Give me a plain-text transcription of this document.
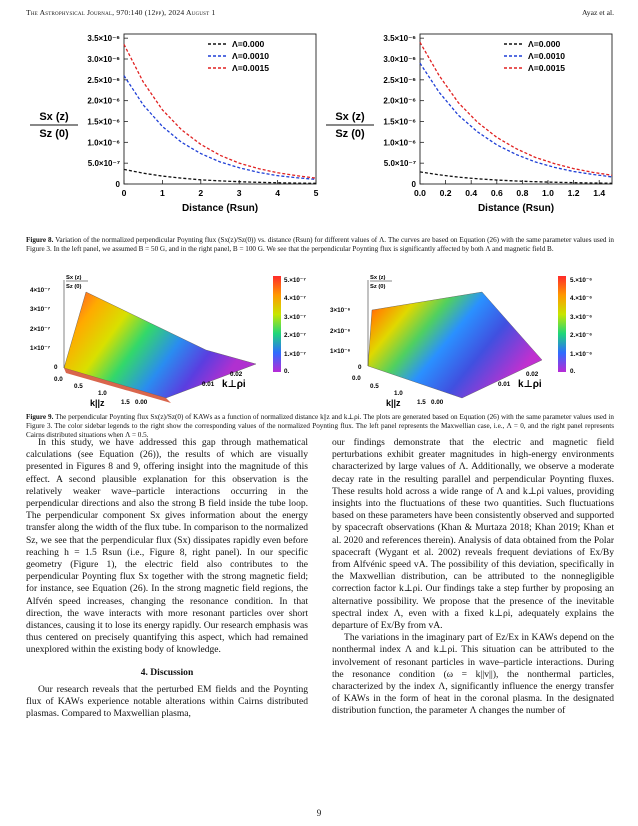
The Astrophysical Journal, 970:140 (12pp), 2024 August 1	Ayaz et al.
0
5.0×10⁻⁷
1.0×10⁻⁶
1.5×10⁻⁶
2.0×10⁻⁶
2.5×10⁻⁶
3.0×10⁻⁶
3.5×10⁻⁶
0	1	2	3	4	5
Λ=0.000
Λ=0.0010
Λ=0.0015
Sx (z)
Sz (0)
Distance (Rsun)
0
5.0×10⁻⁷
1.0×10⁻⁶
1.5×10⁻⁶
2.0×10⁻⁶
2.5×10⁻⁶
3.0×10⁻⁶
3.5×10⁻⁶
0.0 0.2 0.4 0.6 0.8 1.0 1.2 1.4
Λ=0.000
Λ=0.0010
Λ=0.0015
Sx (z)
Sz (0)
Distance (Rsun)
Figure 8. Variation of the normalized perpendicular Poynting flux (Sx(z)/Sz(0)) vs. distance (Rsun) for different values of Λ. The curves are based on Equation (26) with the same parameter values used in Figure 3. In the left panel, we assumed B = 50 G, and in the right panel, B = 100 G. We see that the perpendicular Poynting flux is significantly affected by both Λ and magnetic field B.
4×10⁻⁷
3×10⁻⁷
2×10⁻⁷
1×10⁻⁷
0
0.0
0.5
1.0
1.5 0.00
0.01
0.02
Sx (z)
Sz (0)
k||z
k⊥ρi
5.×10⁻⁷
4.×10⁻⁷
3.×10⁻⁷
2.×10⁻⁷
1.×10⁻⁷
0.
3×10⁻⁶
2×10⁻⁶
1×10⁻⁶
0
0.0
0.5
1.0
1.5 0.00
0.01
0.02
Sx (z)
Sz (0)
k||z
k⊥ρi
5.×10⁻⁶
4.×10⁻⁶
3.×10⁻⁶
2.×10⁻⁶
1.×10⁻⁶
0.
Figure 9. The perpendicular Poynting flux Sx(z)/Sz(0) of KAWs as a function of normalized distance k||z and k⊥ρi. The plots are generated based on Equation (26) with the same parameter values used in Figure 3. The color sidebar legends to the right show the corresponding values of the normalized Poynting flux. The left panel represents the Maxwellian case, i.e., Λ = 0, and the right panel represents Cairns distributed situations when Λ = 0.5.

In this study, we have addressed this gap through mathematical calculations (see Equation (26)), the results of which are visually presented in Figures 8 and 9, offering insight into the magnitude of this effect. A second plausible explanation for this observation is the relatively weaker wave–particle interactions occurring in the perpendicular directions and also the strong B field inside the tube loop. The perpendicular component Sx gives information about the energy transfer along the width of the flux tube. In comparison to the normalized Sz, we see that the perpendicular flux (Sx) dissipates rapidly even before reaching h = 1.5 Rsun (i.e., Figure 8, right panel). In our specific geometry (Figure 1), the electric field also contributes to the perpendicular Poynting flux Sx together with the strong magnetic field; for instance, see Equation (26). In the strong magnetic field regions, the Alfvén speed increases, changing the resonance condition. In that direction, the wave interacts with more resonant particles over short distances, causing it to lose its energy rapidly. Our research emphasis was thus centered on precisely quantifying this aspect, which had remained unexplored within the existing body of knowledge.

4. Discussion

Our research reveals that the perturbed EM fields and the Poynting flux of KAWs experience notable alterations within Cairns distributed plasmas. Compared to Maxwellian plasma,

our findings demonstrate that the electric and magnetic field perturbations exhibit greater magnitudes in high-energy environments characterized by large values of Λ. Additionally, we observe a moderate decay rate in the resulting parallel and perpendicular Poynting fluxes. These results hold across a wide range of Λ and k⊥ρi values, providing insights into the fluctuations of these two quantities. Such fluctuations based on these parameters have been consistently observed and supported by spacecraft observations (Khan & Murtaza 2018; Khan 2019; Khan et al. 2020 and references therein). Analysis of data obtained from the Polar spacecraft (Wygant et al. 2002) reveals frequent deviations of Ex/By from Alfvénic speed vA. The possibility of this deviation, specifically in the Maxwellian distribution, can be attributed to the nonnegligible correction factor k⊥ρi. Our findings take a step further by proposing an alternative possibility. We propose that the presence of the inevitable spectral index Λ, even with a fixed k⊥ρi, adequately explains the departure of Ex/By from vA.

The variations in the imaginary part of Ez/Ex in KAWs depend on the nonthermal index Λ and k⊥ρi. This situation can be attributed to the involvement of resonant particles in wave–particle interactions. During the resonance condition (ω = k||v||), the nonthermal particles, characterized by the index Λ, significantly influence the energy transfer of KAWs in the form of heat in the coronal plasma. In the designated distribution function, the parameter Λ changes the number of

9
